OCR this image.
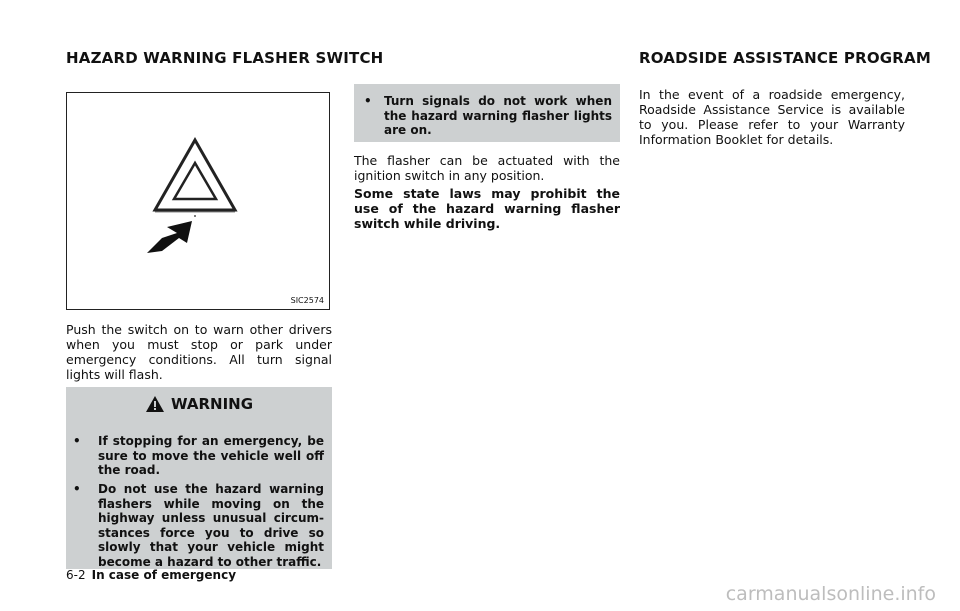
HAZARD WARNING FLASHER SWITCH	ROADSIDE ASSISTANCE PROGRAM
SIC2574
Push the switch on to warn other drivers when you must stop or park under emergency conditions. All turn signal lights will flash.
WARNING
• If stopping for an emergency, be sure to move the vehicle well off the road.
• Do not use the hazard warning flashers while moving on the highway unless unusual circum-stances force you to drive so slowly that your vehicle might become a hazard to other traffic.
• Turn signals do not work when the hazard warning flasher lights are on.
The flasher can be actuated with the ignition switch in any position.
Some state laws may prohibit the use of the hazard warning flasher switch while driving.
In the event of a roadside emergency, Roadside Assistance Service is available to you. Please refer to your Warranty Information Booklet for details.
6-2 In case of emergency
carmanualsonline.info
